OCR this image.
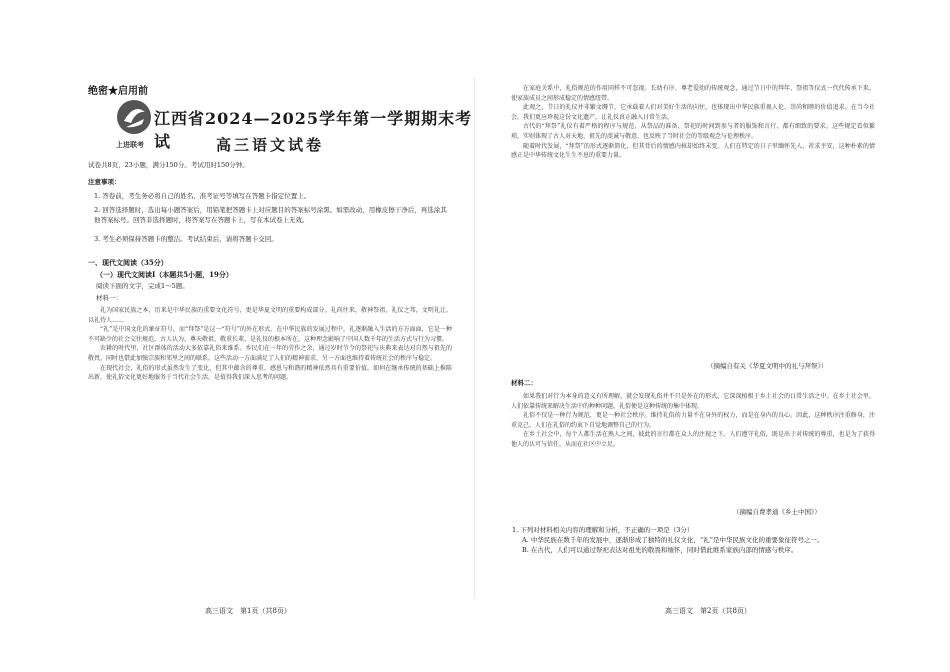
绝密★启用前
上进联考
江西省2024—2025学年第一学期期末考试	高三语文试卷
试卷共8页，23小题，满分150分。考试用时150分钟。
注意事项：
1. 答卷前，考生务必将自己的姓名、准考证号等填写在答题卡指定位置上。
2. 回答选择题时，选出每小题答案后，用铅笔把答题卡上对应题目的答案标号涂黑。如需改动，用橡皮擦干净后，再选涂其他答案标号。回答非选择题时，将答案写在答题卡上，写在本试卷上无效。
3. 考生必须保持答题卡的整洁。考试结束后，请将答题卡交回。
一、现代文阅读（35分）
（一）现代文阅读Ⅰ（本题共5小题，19分）
阅读下面的文字，完成1～5题。
材料一：

礼为国家民族之本，历来是中华民族的重要文化符号，更是华夏文明的重要构成部分。礼尚往来，敬神祭祖，礼仪之邦，文明礼让，以礼待人……

“礼”是中国文化的象征符号，而“拜祭”是这一“符号”的外在形式。在中华民族的发展过程中，礼逐渐融入生活的方方面面，它是一种不可缺少的社会交往规范。古人认为，尊天敬祖、敬重长辈，是礼仪的根本所在，这种理念影响了中国人数千年的生活方式与行为习惯。

农耕的时代里，社区群体的活动大多依靠礼俗来维系。乡民们在一年的劳作之余，通过岁时节令的祭祀与庆典来表达对自然与祖先的敬畏，同时也借此加强宗族和邻里之间的联系。这些活动一方面满足了人们的精神需求，另一方面也维持着传统社会的秩序与稳定。

在现代社会，礼俗的形式虽然发生了变化，但其中蕴含的尊重、感恩与和谐的精神依然具有重要价值。如何在继承传统的基础上推陈出新，使礼俗文化更好地服务于当代社会生活，是值得我们深入思考的问题。

高三语文　第1页（共8页）

在家庭关系中，礼俗规范的作用同样不可忽视。长幼有序、尊老爱幼的传统观念，通过节日中的拜年、祭祖等仪式一代代传承下来，使家族成员之间形成稳定的情感纽带。

此观之，节日的礼仪并非繁文缛节，它承载着人们对美好生活的向往，也体现出中华民族重视人伦、崇尚和睦的价值追求。在当今社会，我们更应珍视这份文化遗产，让礼仪真正融入日常生活。

古代的“拜祭”礼仪有着严格的程序与规范，从祭品的准备、祭祀的时间到参与者的服饰和言行，都有细致的要求。这些规定看似繁琐，实则体现了古人对天地、祖先的虔诚与敬意，也反映了当时社会的等级观念与伦理秩序。

随着时代发展，“拜祭”的形式逐渐简化，但其背后的情感内核却始终未变。人们在特定的日子里缅怀先人、祈求平安，这种朴素的情感正是中华传统文化生生不息的重要力量。

（摘编自有关《华夏文明中的礼与拜祭》）
材料二：

如果我们对行为本身的意义有所理解，就会发现礼俗并不只是外在的形式，它深深植根于乡土社会的日常生活之中。在乡土社会里，人们依靠传统来解决生活中的种种问题，礼俗便是这种传统的集中体现。

礼俗不仅是一种行为规范，更是一种社会秩序。维持礼俗的力量不在身外的权力，而是在身内的良心。因此，这种秩序注重修身，注重克己，人们在礼俗的约束下自觉地调整自己的行为。

在乡土社会中，每个人都生活在熟人之间，彼此的言行都在众人的注视之下。人们遵守礼俗，既是出于对传统的尊重，也是为了获得他人的认可与信任，从而在社区中立足。

（摘编自费孝通《乡土中国》）
高三语文　第2页（共8页）
1. 下列对材料相关内容的理解和分析，不正确的一项是（3分）
A. 中华民族在数千年的发展中，逐渐形成了独特的礼仪文化，“礼”是中华民族文化的重要象征符号之一。
B. 在古代，人们可以通过祭祀表达对祖先的敬畏和缅怀，同时借此维系家族内部的情感与秩序。
